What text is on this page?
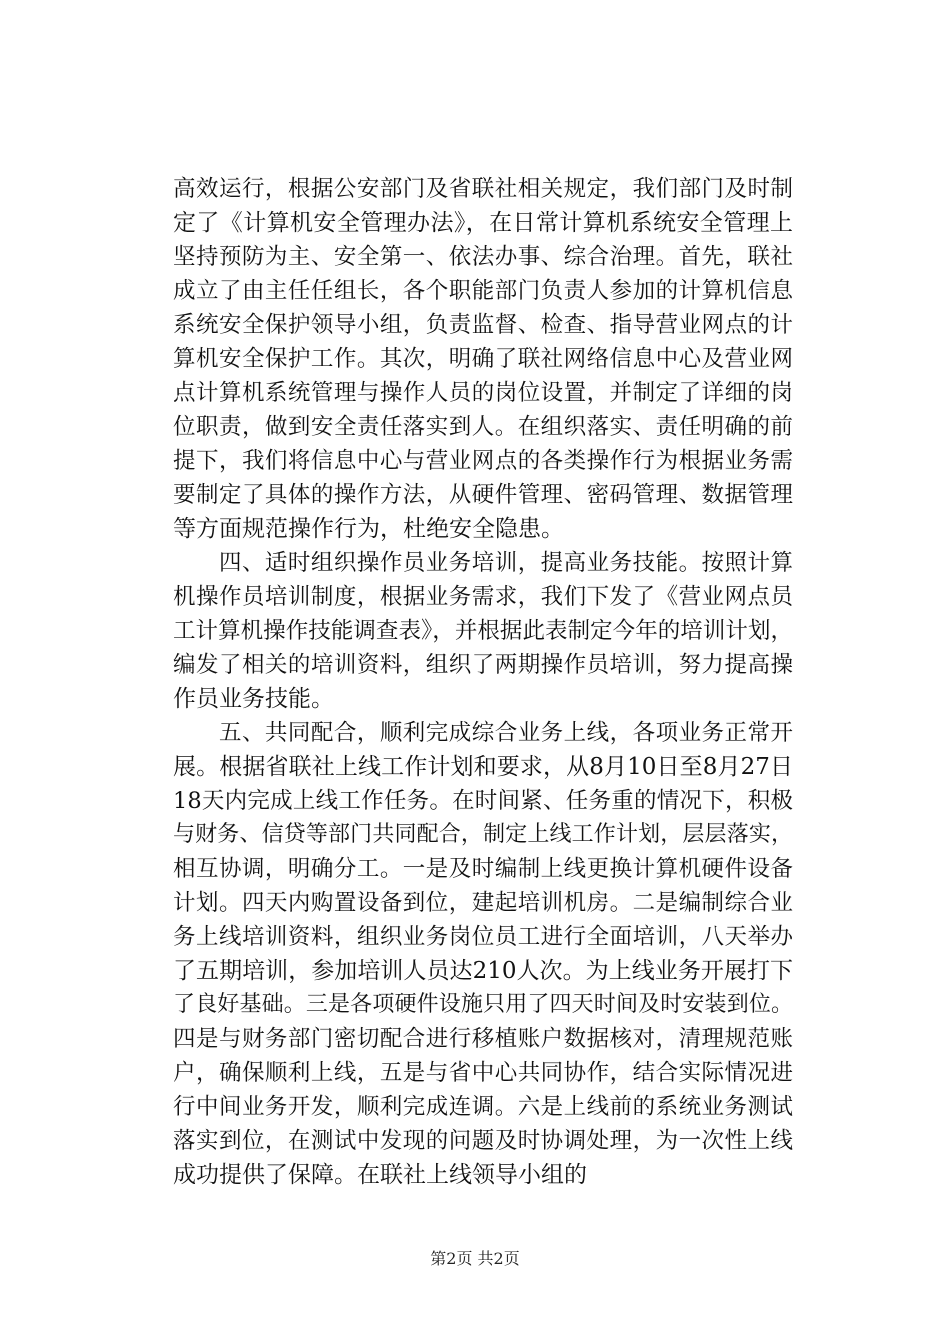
高效运行，根据公安部门及省联社相关规定，我们部门及时制
定了《计算机安全管理办法》，在日常计算机系统安全管理上
坚持预防为主、安全第一、依法办事、综合治理。首先，联社
成立了由主任任组长，各个职能部门负责人参加的计算机信息
系统安全保护领导小组，负责监督、检查、指导营业网点的计
算机安全保护工作。其次，明确了联社网络信息中心及营业网
点计算机系统管理与操作人员的岗位设置，并制定了详细的岗
位职责，做到安全责任落实到人。在组织落实、责任明确的前
提下，我们将信息中心与营业网点的各类操作行为根据业务需
要制定了具体的操作方法，从硬件管理、密码管理、数据管理
等方面规范操作行为，杜绝安全隐患。
　　四、适时组织操作员业务培训，提高业务技能。按照计算
机操作员培训制度，根据业务需求，我们下发了《营业网点员
工计算机操作技能调查表》，并根据此表制定今年的培训计划，
编发了相关的培训资料，组织了两期操作员培训，努力提高操
作员业务技能。
　　五、共同配合，顺利完成综合业务上线，各项业务正常开
展。根据省联社上线工作计划和要求，从8月10日至8月27日
18天内完成上线工作任务。在时间紧、任务重的情况下，积极
与财务、信贷等部门共同配合，制定上线工作计划，层层落实，
相互协调，明确分工。一是及时编制上线更换计算机硬件设备
计划。四天内购置设备到位，建起培训机房。二是编制综合业
务上线培训资料，组织业务岗位员工进行全面培训，八天举办
了五期培训，参加培训人员达210人次。为上线业务开展打下
了良好基础。三是各项硬件设施只用了四天时间及时安装到位。
四是与财务部门密切配合进行移植账户数据核对，清理规范账
户，确保顺利上线，五是与省中心共同协作，结合实际情况进
行中间业务开发，顺利完成连调。六是上线前的系统业务测试
落实到位，在测试中发现的问题及时协调处理，为一次性上线
成功提供了保障。在联社上线领导小组的
第2页 共2页
